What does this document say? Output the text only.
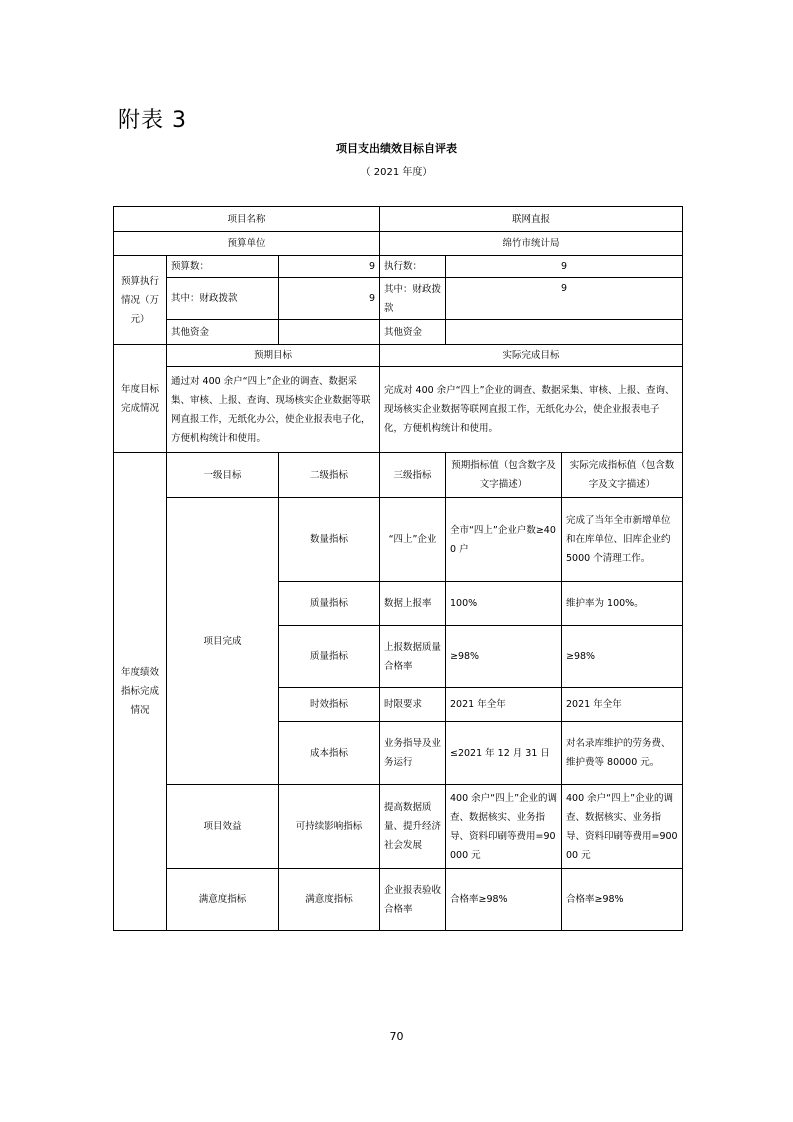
附表 3
项目支出绩效目标自评表
（ 2021 年度）
项目名称			联网直报		
预算单位			绵竹市统计局		
预算执行情况（万元）	预算数：	9	执行数：	9	
	其中：财政拨款	9	其中：财政拨款	9	
	其他资金		其他资金		
年度目标完成情况	预期目标		实际完成目标		
	通过对 400 余户“四上”企业的调查、数据采集、审核、上报、查询、现场核实企业数据等联网直报工作，无纸化办公，使企业报表电子化，方便机构统计和使用。		完成对 400 余户“四上”企业的调查、数据采集、审核、上报、查询、现场核实企业数据等联网直报工作，无纸化办公，使企业报表电子化，方便机构统计和使用。		
年度绩效指标完成情况	一级目标	二级指标	三级指标	预期指标值（包含数字及文字描述）	实际完成指标值（包含数字及文字描述）
	项目完成	数量指标	“四上”企业	全市“四上”企业户数≥400 户	完成了当年全市新增单位和在库单位、旧库企业约 5000 个清理工作。
		质量指标	数据上报率	100%	维护率为 100%。
		质量指标	上报数据质量合格率	≥98%	≥98%
		时效指标	时限要求	2021 年全年	2021 年全年
		成本指标	业务指导及业务运行	≤2021 年 12 月 31 日	对名录库维护的劳务费、维护费等 80000 元。
	项目效益	可持续影响指标	提高数据质量、提升经济社会发展	400 余户“四上”企业的调查、数据核实、业务指导、资料印刷等费用=90000 元	400 余户“四上”企业的调查、数据核实、业务指导、资料印刷等费用=90000 元
	满意度指标	满意度指标	企业报表验收合格率	合格率≥98%	合格率≥98%
70
